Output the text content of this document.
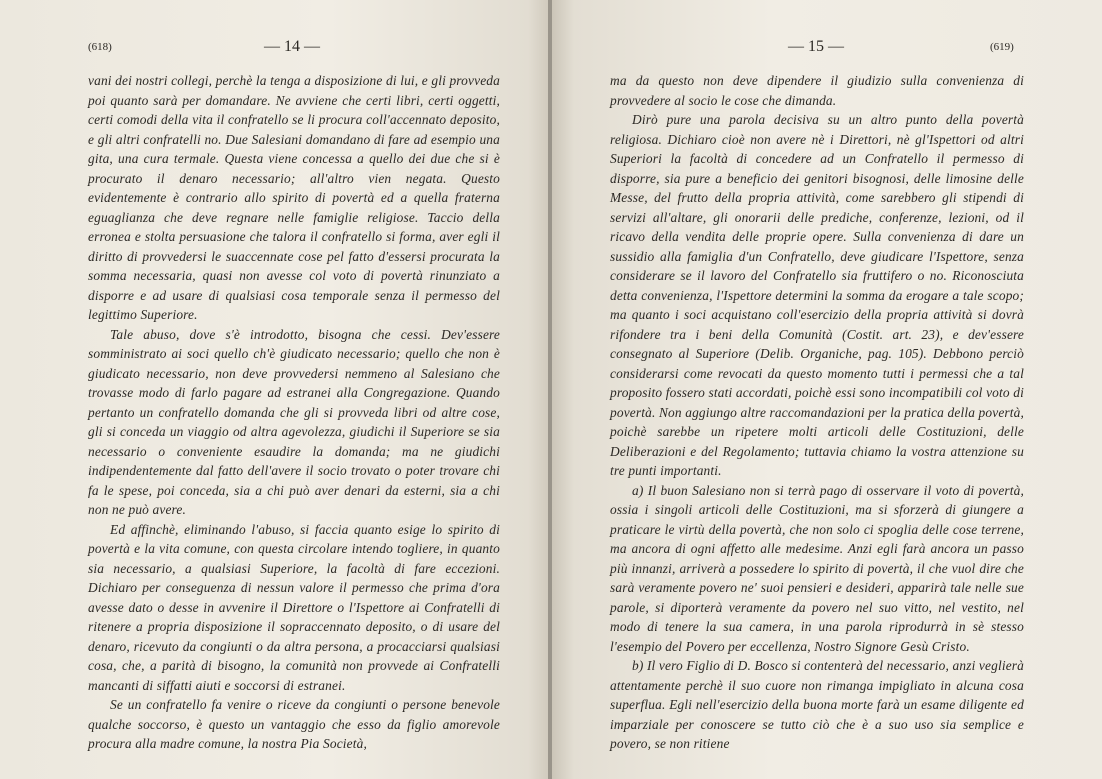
(618)	— 14 —

vani dei nostri collegi, perchè la tenga a disposizione di lui, e gli provveda poi quanto sarà per domandare. Ne avviene che certi libri, certi oggetti, certi comodi della vita il confratello se li procura coll'accennato deposito, e gli altri confratelli no. Due Salesiani domandano di fare ad esempio una gita, una cura termale. Questa viene concessa a quello dei due che si è procurato il denaro necessario; all'altro vien negata. Questo evidentemente è contrario allo spirito di povertà ed a quella fraterna eguaglianza che deve regnare nelle famiglie religiose. Taccio della erronea e stolta persuasione che talora il confratello si forma, aver egli il diritto di provvedersi le suaccennate cose pel fatto d'essersi procurata la somma necessaria, quasi non avesse col voto di povertà rinunziato a disporre e ad usare di qualsiasi cosa temporale senza il permesso del legittimo Superiore.

Tale abuso, dove s'è introdotto, bisogna che cessi. Dev'essere somministrato ai soci quello ch'è giudicato necessario; quello che non è giudicato necessario, non deve provvedersi nemmeno al Salesiano che trovasse modo di farlo pagare ad estranei alla Congregazione. Quando pertanto un confratello domanda che gli si provveda libri od altre cose, gli si conceda un viaggio od altra agevolezza, giudichi il Superiore se sia necessario o conveniente esaudire la domanda; ma ne giudichi indipendentemente dal fatto dell'avere il socio trovato o poter trovare chi fa le spese, poi conceda, sia a chi può aver denari da esterni, sia a chi non ne può avere.

Ed affinchè, eliminando l'abuso, si faccia quanto esige lo spirito di povertà e la vita comune, con questa circolare intendo togliere, in quanto sia necessario, a qualsiasi Superiore, la facoltà di fare eccezioni. Dichiaro per conseguenza di nessun valore il permesso che prima d'ora avesse dato o desse in avvenire il Direttore o l'Ispettore ai Confratelli di ritenere a propria disposizione il sopraccennato deposito, o di usare del denaro, ricevuto da congiunti o da altra persona, a procacciarsi qualsiasi cosa, che, a parità di bisogno, la comunità non provvede ai Confratelli mancanti di siffatti aiuti e soccorsi di estranei.

Se un confratello fa venire o riceve da congiunti o persone benevole qualche soccorso, è questo un vantaggio che esso da figlio amorevole procura alla madre comune, la nostra Pia Società,

— 15 —	(619)

ma da questo non deve dipendere il giudizio sulla convenienza di provvedere al socio le cose che dimanda.

Dirò pure una parola decisiva su un altro punto della povertà religiosa. Dichiaro cioè non avere nè i Direttori, nè gl'Ispettori od altri Superiori la facoltà di concedere ad un Confratello il permesso di disporre, sia pure a beneficio dei genitori bisognosi, delle limosine delle Messe, del frutto della propria attività, come sarebbero gli stipendi di servizi all'altare, gli onorarii delle prediche, conferenze, lezioni, od il ricavo della vendita delle proprie opere. Sulla convenienza di dare un sussidio alla famiglia d'un Confratello, deve giudicare l'Ispettore, senza considerare se il lavoro del Confratello sia fruttifero o no. Riconosciuta detta convenienza, l'Ispettore determini la somma da erogare a tale scopo; ma quanto i soci acquistano coll'esercizio della propria attività si dovrà rifondere tra i beni della Comunità (Costit. art. 23), e dev'essere consegnato al Superiore (Delib. Organiche, pag. 105). Debbono perciò considerarsi come revocati da questo momento tutti i permessi che a tal proposito fossero stati accordati, poichè essi sono incompatibili col voto di povertà. Non aggiungo altre raccomandazioni per la pratica della povertà, poichè sarebbe un ripetere molti articoli delle Costituzioni, delle Deliberazioni e del Regolamento; tuttavia chiamo la vostra attenzione su tre punti importanti.

a) Il buon Salesiano non si terrà pago di osservare il voto di povertà, ossia i singoli articoli delle Costituzioni, ma si sforzerà di giungere a praticare le virtù della povertà, che non solo ci spoglia delle cose terrene, ma ancora di ogni affetto alle medesime. Anzi egli farà ancora un passo più innanzi, arriverà a possedere lo spirito di povertà, il che vuol dire che sarà veramente povero ne' suoi pensieri e desideri, apparirà tale nelle sue parole, si diporterà veramente da povero nel suo vitto, nel vestito, nel modo di tenere la sua camera, in una parola riprodurrà in sè stesso l'esempio del Povero per eccellenza, Nostro Signore Gesù Cristo.

b) Il vero Figlio di D. Bosco si contenterà del necessario, anzi veglierà attentamente perchè il suo cuore non rimanga impigliato in alcuna cosa superflua. Egli nell'esercizio della buona morte farà un esame diligente ed imparziale per conoscere se tutto ciò che è a suo uso sia semplice e povero, se non ritiene
